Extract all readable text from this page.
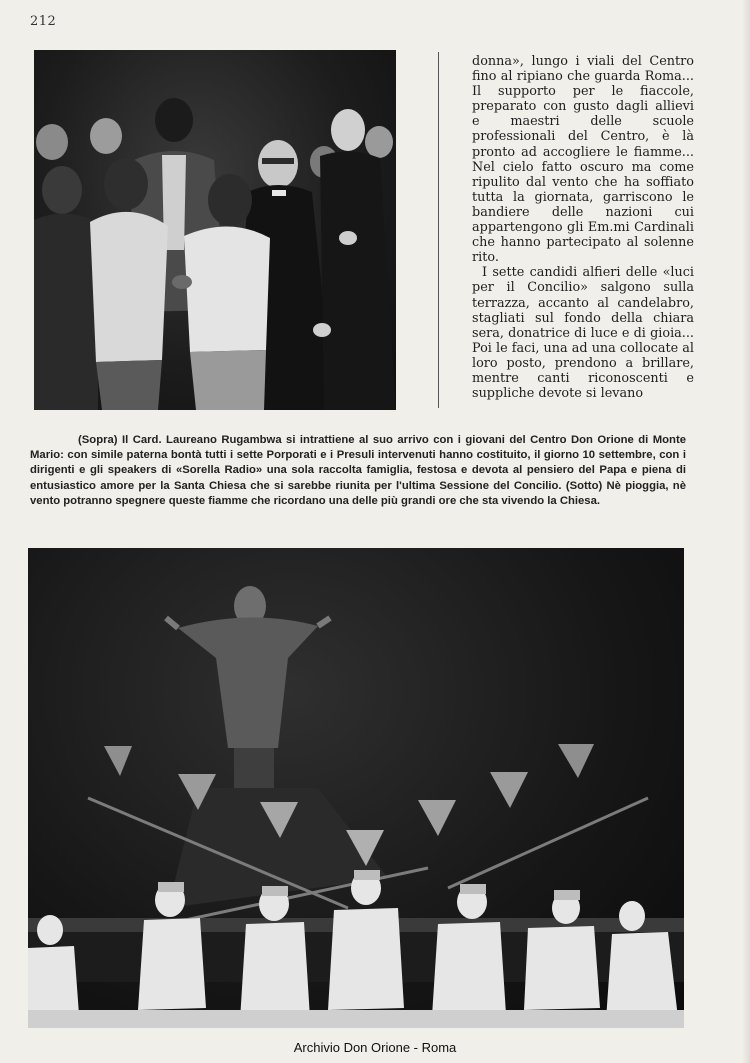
212

donna», lungo i viali del Centro fino al ripiano che guarda Roma... Il supporto per le fiaccole, preparato con gusto dagli allievi e maestri delle scuole professionali del Centro, è là pronto ad accogliere le fiamme... Nel cielo fatto oscuro ma come ripulito dal vento che ha soffiato tutta la giornata, garriscono le bandiere delle nazioni cui appartengono gli Em.mi Cardinali che hanno partecipato al solenne rito.

I sette candidi alfieri delle «luci per il Concilio» salgono sulla terrazza, accanto al candelabro, stagliati sul fondo della chiara sera, donatrice di luce e di gioia... Poi le faci, una ad una collocate al loro posto, prendono a brillare, mentre canti riconoscenti e suppliche devote si levano

(Sopra) Il Card. Laureano Rugambwa si intrattiene al suo arrivo con i giovani del Centro Don Orione di Monte Mario: con simile paterna bontà tutti i sette Porporati e i Presuli intervenuti hanno costituito, il giorno 10 settembre, con i dirigenti e gli speakers di «Sorella Radio» una sola raccolta famiglia, festosa e devota al pensiero del Papa e piena di entusiastico amore per la Santa Chiesa che si sarebbe riunita per l'ultima Sessione del Concilio. (Sotto) Nè pioggia, nè vento potranno spegnere queste fiamme che ricordano una delle più grandi ore che sta vivendo la Chiesa.
Archivio Don Orione - Roma
